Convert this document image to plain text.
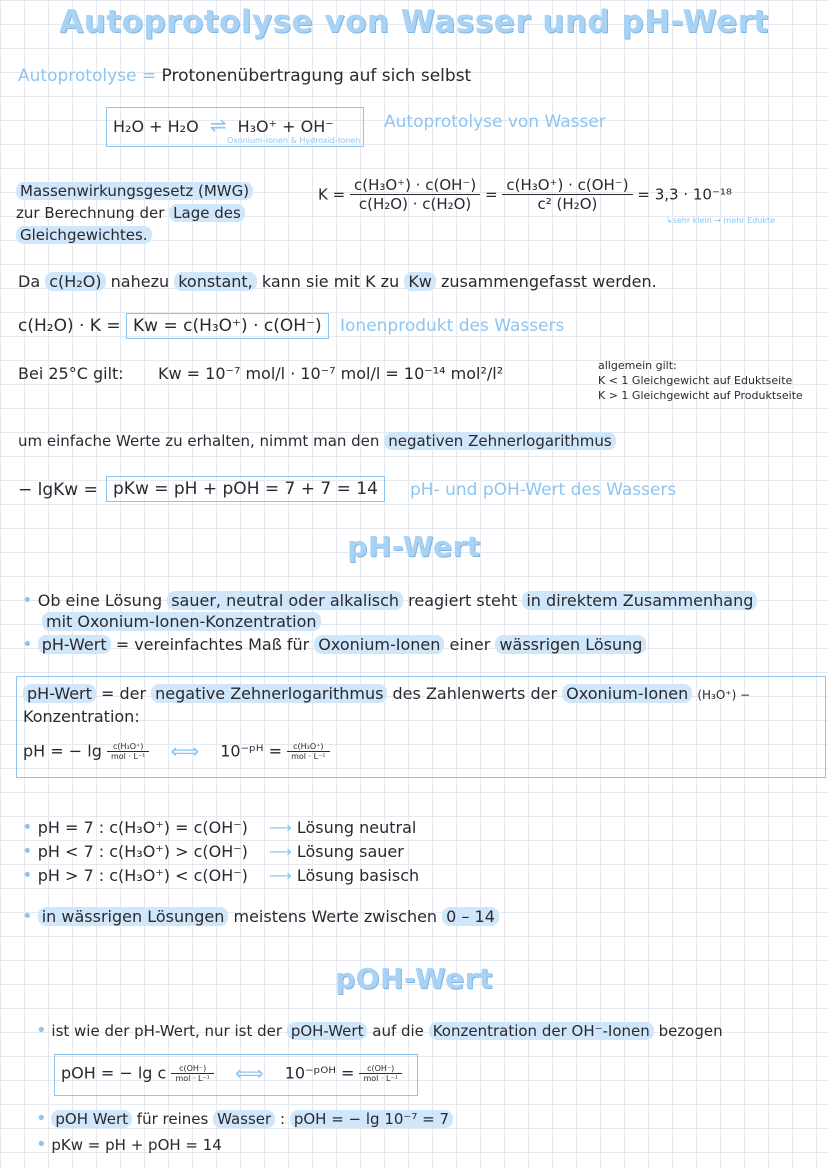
Autoprotolyse von Wasser und pH-Wert
Autoprotolyse = Protonenübertragung auf sich selbst
H₂O + H₂O ⇌ H₃O⁺ + OH⁻
Oxonium-Ionen & Hydroxid-Ionen
Autoprotolyse von Wasser
Massenwirkungsgesetz (MWG)
zur Berechnung der Lage des
Gleichgewichtes.
$K = \frac{\text{c(H₃O⁺) · c(OH⁻)}}{\text{c(H₂O) · c(H₂O)}} = \frac{\text{c(H₃O⁺) · c(OH⁻)}}{\text{c² (H₂O)}} = 3,3 \cdot 10^{-18}$
↳sehr klein → mehr Edukte
Da c(H₂O) nahezu konstant, kann sie mit K zu Kw zusammengefasst werden.
c(H₂O) · K = Kw = c(H₃O⁺) · c(OH⁻)	Ionenprodukt des Wassers
Bei 25°C gilt: Kw = 10⁻⁷ mol/l · 10⁻⁷ mol/l = 10⁻¹⁴ mol²/l²	allgemein gilt:
K < 1 Gleichgewicht auf Eduktseite
K > 1 Gleichgewicht auf Produktseite
um einfache Werte zu erhalten, nimmt man den negativen Zehnerlogarithmus
− lgKw = pKw = pH + pOH = 7 + 7 = 14	pH- und pOH-Wert des Wassers
pH-Wert
• Ob eine Lösung sauer, neutral oder alkalisch reagiert steht in direktem Zusammenhang
mit Oxonium-Ionen-Konzentration
• pH-Wert = vereinfachtes Maß für Oxonium-Ionen einer wässrigen Lösung
pH-Wert = der negative Zehnerlogarithmus des Zahlenwerts der Oxonium-Ionen (H₃O⁺) −
Konzentration:
pH = − $\lg \frac{\text{c(H₃O⁺)}}{\text{mol · L⁻¹}}$ ⟺ 10⁻ᵖᴴ = $\frac{\text{c(H₃O⁺)}}{\text{mol · L⁻¹}}$
• pH = 7 : c(H₃O⁺) = c(OH⁻) ⟶ Lösung neutral
• pH < 7 : c(H₃O⁺) > c(OH⁻) ⟶ Lösung sauer
• pH > 7 : c(H₃O⁺) < c(OH⁻) ⟶ Lösung basisch
• in wässrigen Lösungen meistens Werte zwischen 0 – 14
pOH-Wert
• ist wie der pH-Wert, nur ist der pOH-Wert auf die Konzentration der OH⁻-Ionen bezogen
pOH = − lg c $\frac{c(OH^-)}{\text{mol · L⁻¹}}$ ⟺ 10⁻ᵖᴼᴴ = $\frac{c(OH^-)}{\text{mol · L⁻¹}}$
• pOH Wert für reines Wasser : pOH = − lg 10⁻⁷ = 7
• pKw = pH + pOH = 14
